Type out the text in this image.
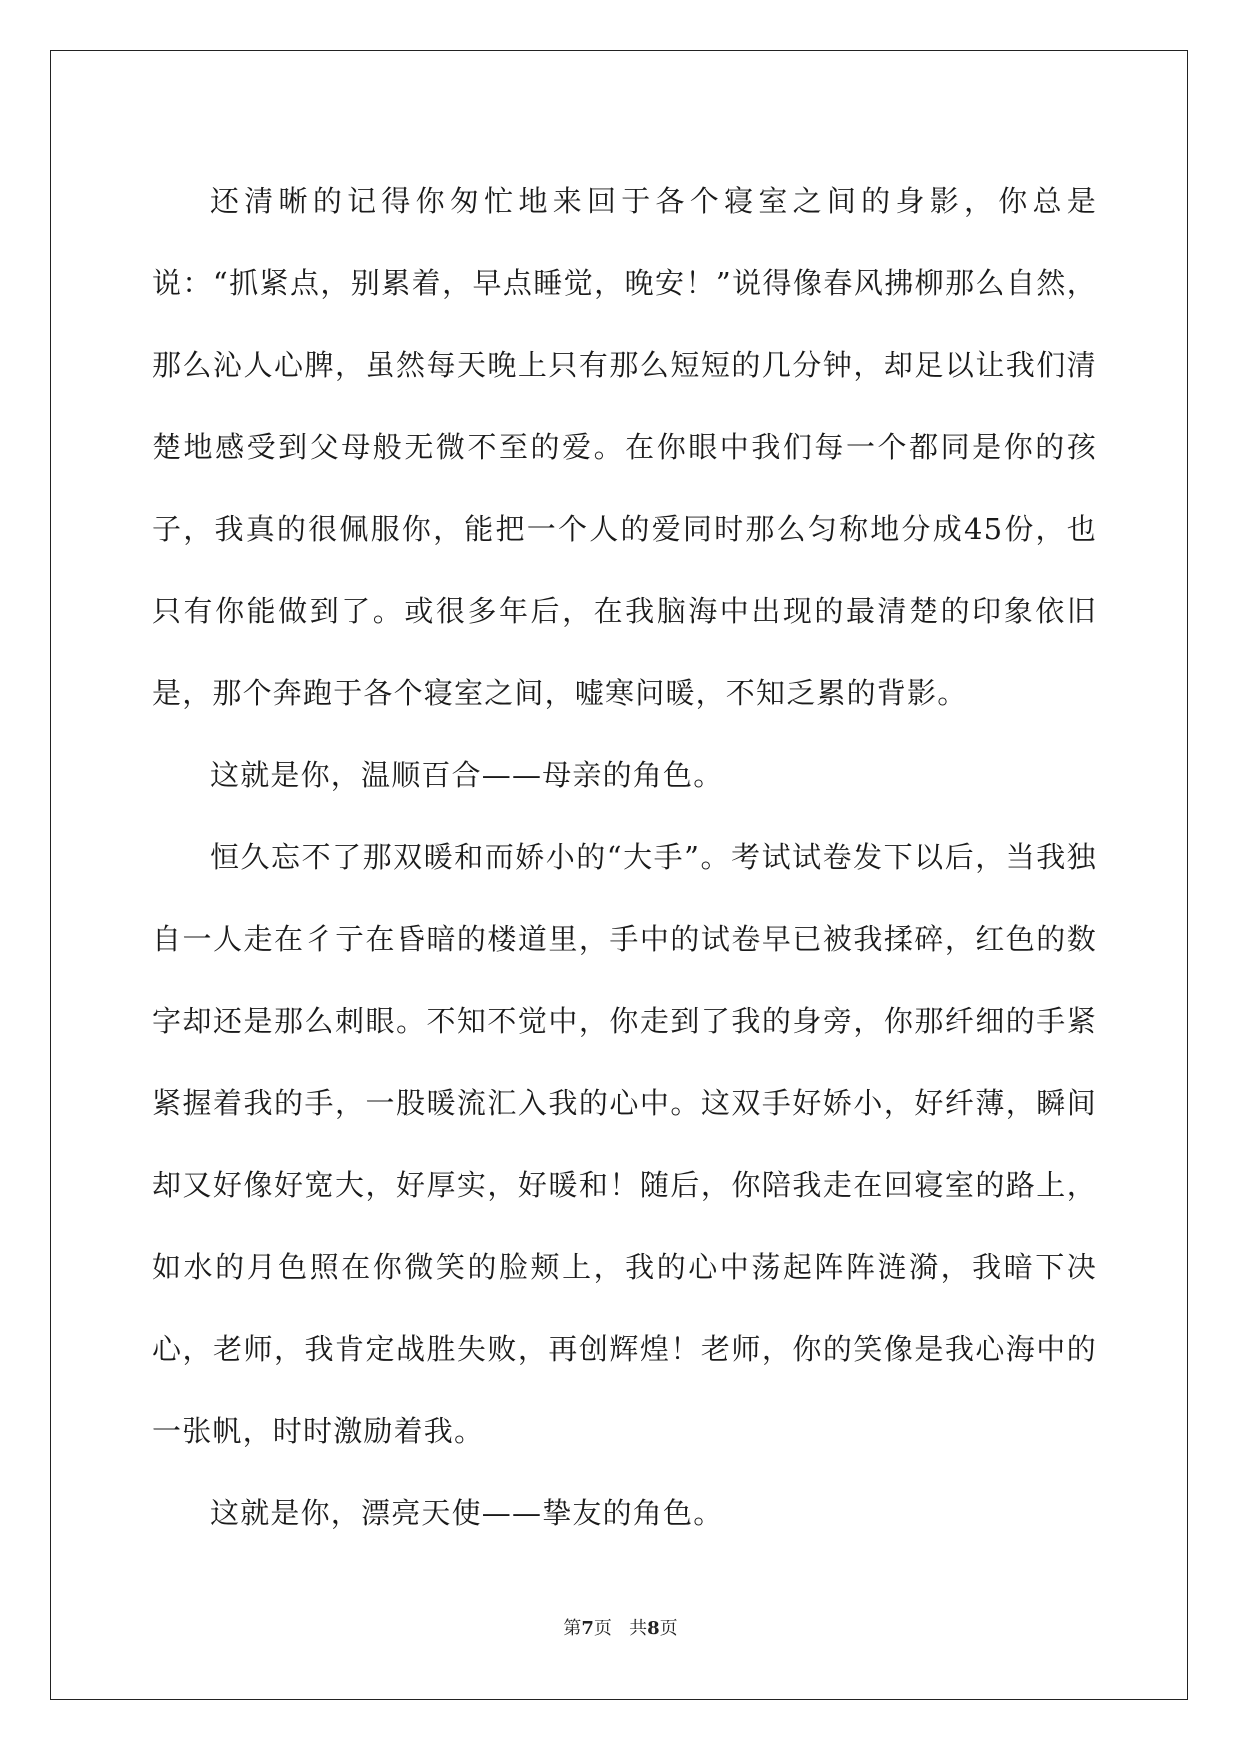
还清晰的记得你匆忙地来回于各个寝室之间的身影，你总是说：“抓紧点，别累着，早点睡觉，晚安！”说得像春风拂柳那么自然，那么沁人心脾，虽然每天晚上只有那么短短的几分钟，却足以让我们清楚地感受到父母般无微不至的爱。在你眼中我们每一个都同是你的孩子，我真的很佩服你，能把一个人的爱同时那么匀称地分成45份，也只有你能做到了。或很多年后，在我脑海中出现的最清楚的印象依旧是，那个奔跑于各个寝室之间，嘘寒问暖，不知乏累的背影。

这就是你，温顺百合——母亲的角色。

恒久忘不了那双暖和而娇小的“大手”。考试试卷发下以后，当我独自一人走在彳亍在昏暗的楼道里，手中的试卷早已被我揉碎，红色的数字却还是那么刺眼。不知不觉中，你走到了我的身旁，你那纤细的手紧紧握着我的手，一股暖流汇入我的心中。这双手好娇小，好纤薄，瞬间却又好像好宽大，好厚实，好暖和！随后，你陪我走在回寝室的路上，如水的月色照在你微笑的脸颊上，我的心中荡起阵阵涟漪，我暗下决心，老师，我肯定战胜失败，再创辉煌！老师，你的笑像是我心海中的一张帆，时时激励着我。

这就是你，漂亮天使——挚友的角色。

第7页 共8页
